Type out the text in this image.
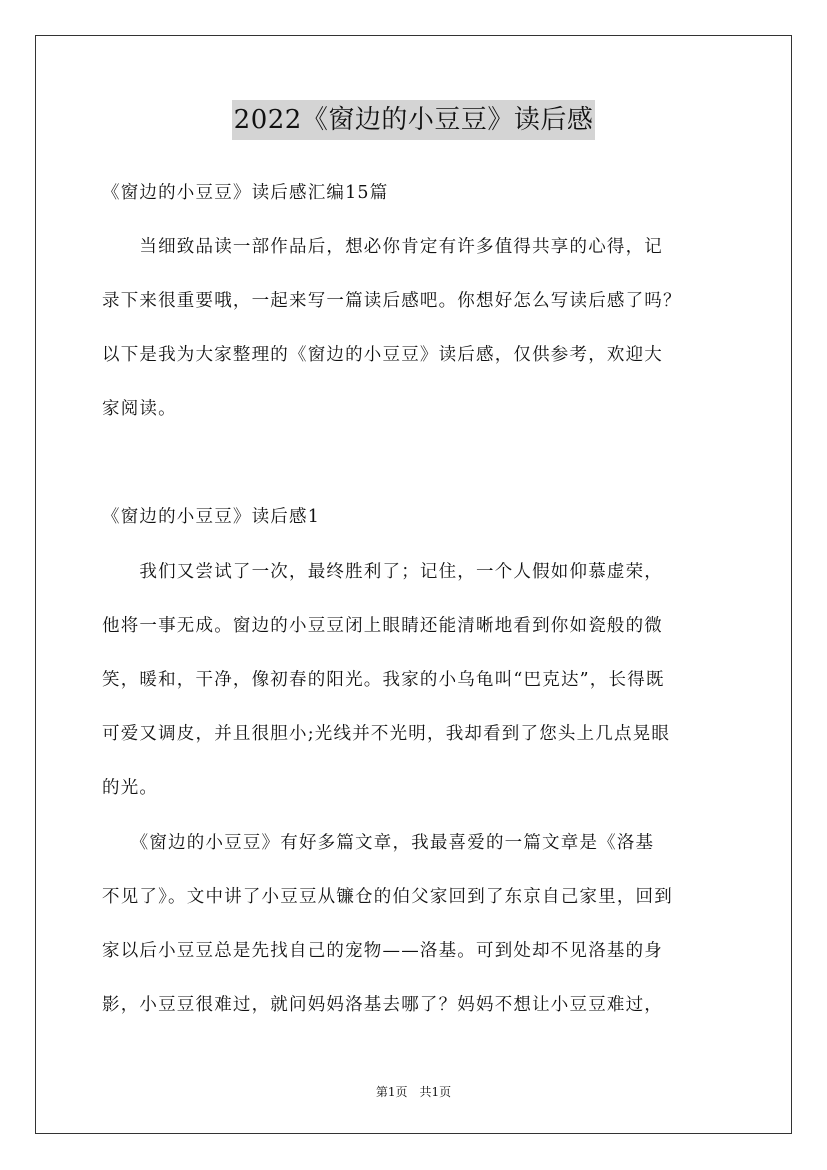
2022《窗边的小豆豆》读后感
《窗边的小豆豆》读后感汇编15篇
　　当细致品读一部作品后，想必你肯定有许多值得共享的心得，记
录下来很重要哦，一起来写一篇读后感吧。你想好怎么写读后感了吗？
以下是我为大家整理的《窗边的小豆豆》读后感，仅供参考，欢迎大
家阅读。
《窗边的小豆豆》读后感1
　　我们又尝试了一次，最终胜利了；记住，一个人假如仰慕虚荣，
他将一事无成。窗边的小豆豆闭上眼睛还能清晰地看到你如瓷般的微
笑，暖和，干净，像初春的阳光。我家的小乌龟叫“巴克达”，长得既
可爱又调皮，并且很胆小;光线并不光明，我却看到了您头上几点晃眼
的光。
　　《窗边的小豆豆》有好多篇文章，我最喜爱的一篇文章是《洛基
不见了》。文中讲了小豆豆从镰仓的伯父家回到了东京自己家里，回到
家以后小豆豆总是先找自己的宠物——洛基。可到处却不见洛基的身
影，小豆豆很难过，就问妈妈洛基去哪了？妈妈不想让小豆豆难过，
第1页 共1页
